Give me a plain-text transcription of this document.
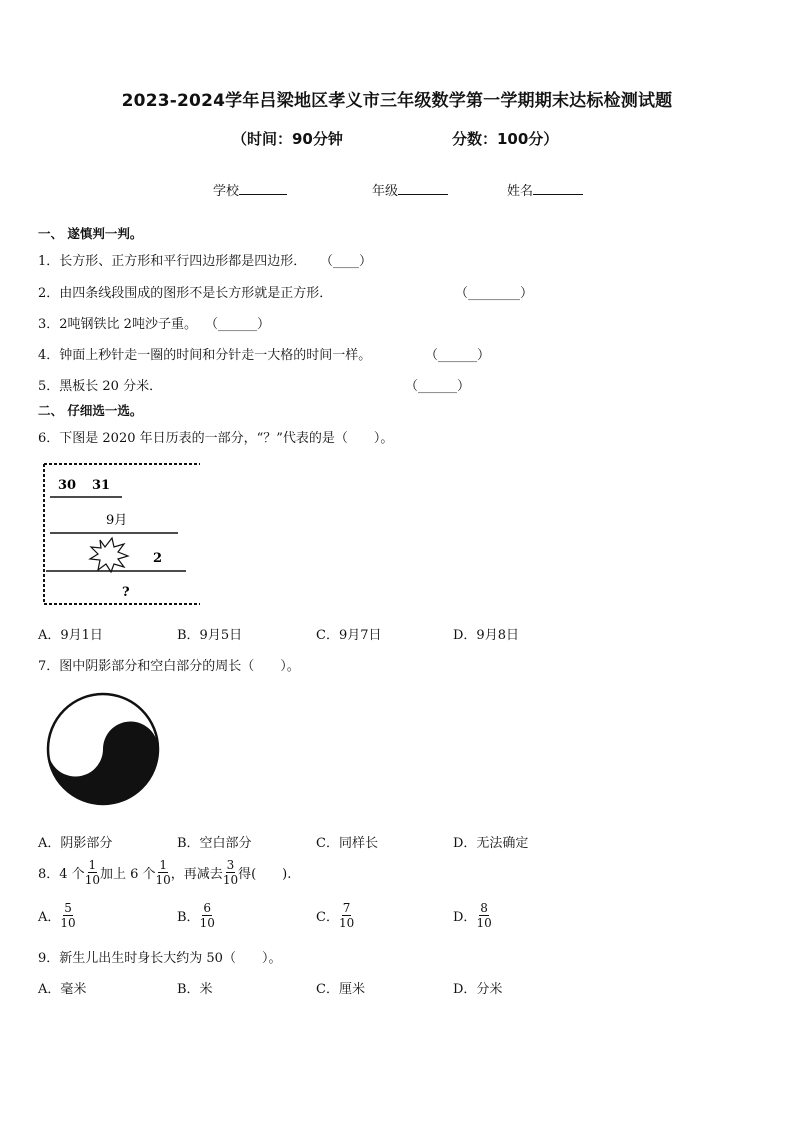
2023-2024学年吕梁地区孝义市三年级数学第一学期期末达标检测试题
（时间：90分钟	分数：100分）
学校	年级	姓名
一、 遂慎判一判。
1．长方形、正方形和平行四边形都是四边形． （____）
2．由四条线段围成的图形不是长方形就是正方形．	（________）
3．2吨钢铁比 2吨沙子重。 （______）
4．钟面上秒针走一圈的时间和分针走一大格的时间一样。	（______）
5．黑板长 20 分米．	（______）
二、 仔细选一选。
6．下图是 2020 年日历表的一部分，“？”代表的是（　　）。
30 31
9月
2
?
A．9月1日	B．9月5日	C．9月7日	D．9月8日
7．图中阴影部分和空白部分的周长（　　）。
A．阴影部分	B．空白部分	C．同样长	D．无法确定
8．4 个 $\frac{1}{10}$ 加上 6 个 $\frac{1}{10}$ ，再减去 $\frac{3}{10}$ 得(　　).
A． $\frac{5}{10}$	B． $\frac{6}{10}$	C． $\frac{7}{10}$	D． $\frac{8}{10}$
9．新生儿出生时身长大约为 50（　　）。
A．毫米	B．米	C．厘米	D．分米
